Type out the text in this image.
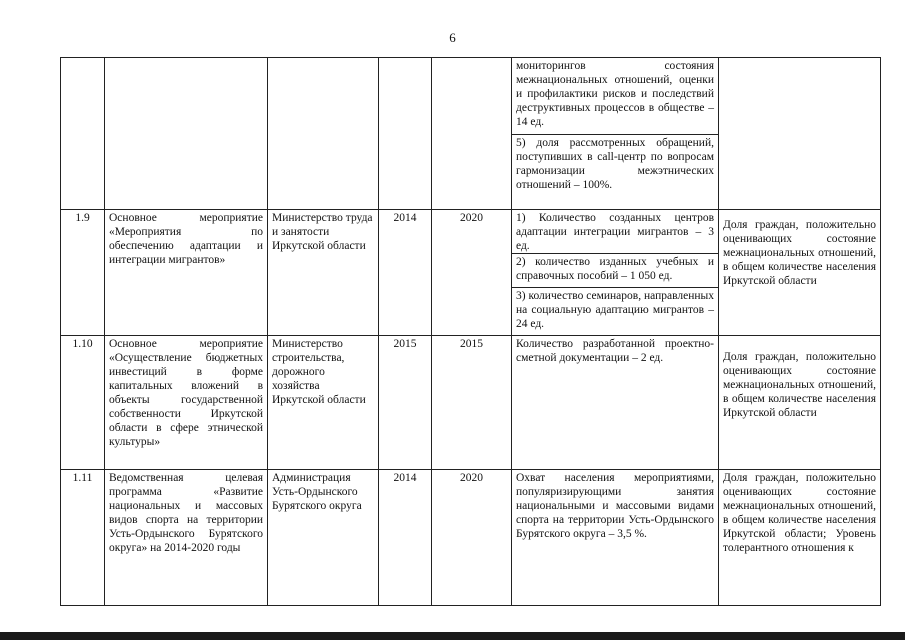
6

					мониторингов состояния межнациональных отношений, оценки и профилактики рисков и последствий деструктивных процессов в обществе – 14 ед.
5) доля рассмотренных обращений, поступивших в call-центр по вопросам гармонизации межэтнических отношений – 100%.	

1.9	Основное мероприятие «Мероприятия по обеспечению адаптации и интеграции мигрантов»	Министерство труда и занятости Иркутской области	2014	2020	1) Количество созданных центров адаптации интеграции мигрантов – 3 ед.
2) количество изданных учебных и справочных пособий – 1 050 ед.
3) количество семинаров, направленных на социальную адаптацию мигрантов – 24 ед.	Доля граждан, положительно оценивающих состояние межнациональных отношений, в общем количестве населения Иркутской области
1.10	Основное мероприятие «Осуществление бюджетных инвестиций в форме капитальных вложений в объекты государственной собственности Иркутской области в сфере этнической культуры»	Министерство строительства, дорожного хозяйства Иркутской области	2015	2015	Количество разработанной проектно-сметной документации – 2 ед.	Доля граждан, положительно оценивающих состояние межнациональных отношений, в общем количестве населения Иркутской области
1.11	Ведомственная целевая программа «Развитие национальных и массовых видов спорта на территории Усть-Ордынского Бурятского округа» на 2014-2020 годы	Администрация Усть-Ордынского Бурятского округа	2014	2020	Охват населения мероприятиями, популяризирующими занятия национальными и массовыми видами спорта на территории Усть-Ордынского Бурятского округа – 3,5 %.	Доля граждан, положительно оценивающих состояние межнациональных отношений, в общем количестве населения Иркутской области; Уровень толерантного отношения к
